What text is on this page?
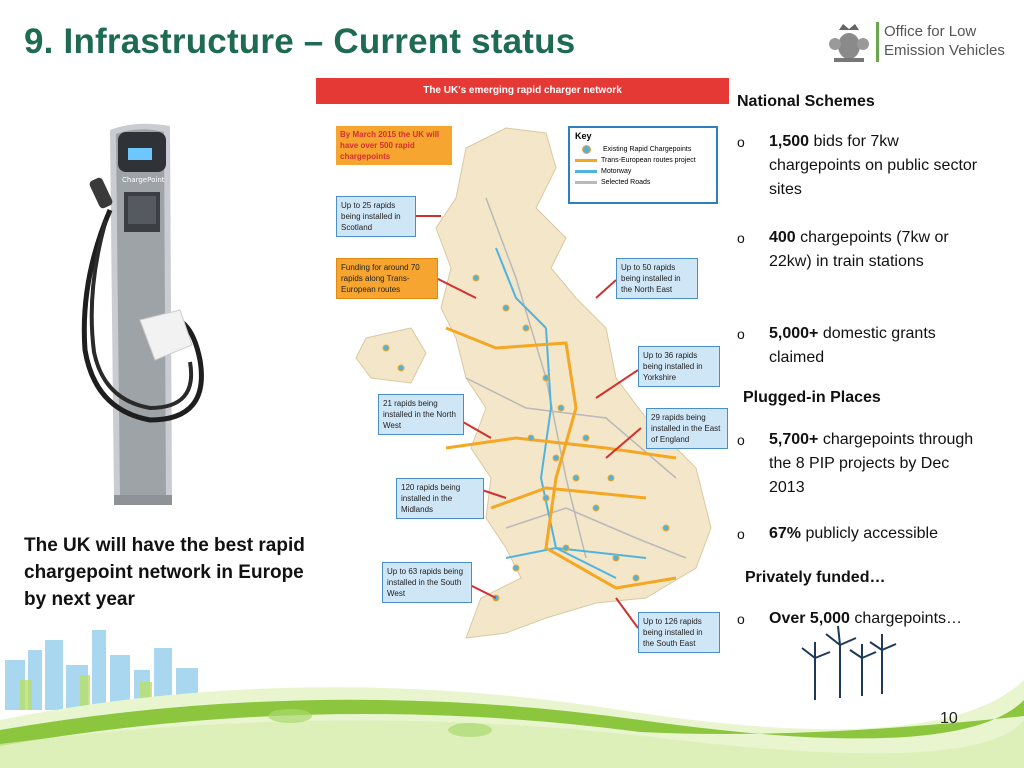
9. Infrastructure – Current status	Office for Low
Emission Vehicles
ChargePoint
The UK will have the best rapid chargepoint network in Europe by next year
The UK's emerging rapid charger network
By March 2015 the UK will have over 500 rapid chargepoints
Up to 25 rapids being installed in Scotland
Funding for around 70 rapids along Trans-European routes
Up to 50 rapids being installed in the North East
Up to 36 rapids being installed in Yorkshire
21 rapids being installed in the North West
29 rapids being installed in the East of England
120 rapids being installed in the Midlands
Up to 63 rapids being installed in the South West
Up to 126 rapids being installed in the South East
Key
Existing Rapid Chargepoints
Trans-European routes project
Motorway
Selected Roads
National Schemes
o 1,500 bids for 7kw chargepoints on public sector sites
o 400 chargepoints (7kw or 22kw) in train stations
o 5,000+ domestic grants claimed
Plugged-in Places
o 5,700+ chargepoints through the 8 PIP projects by Dec 2013
o 67% publicly accessible
Privately funded…
o Over 5,000 chargepoints…
10
